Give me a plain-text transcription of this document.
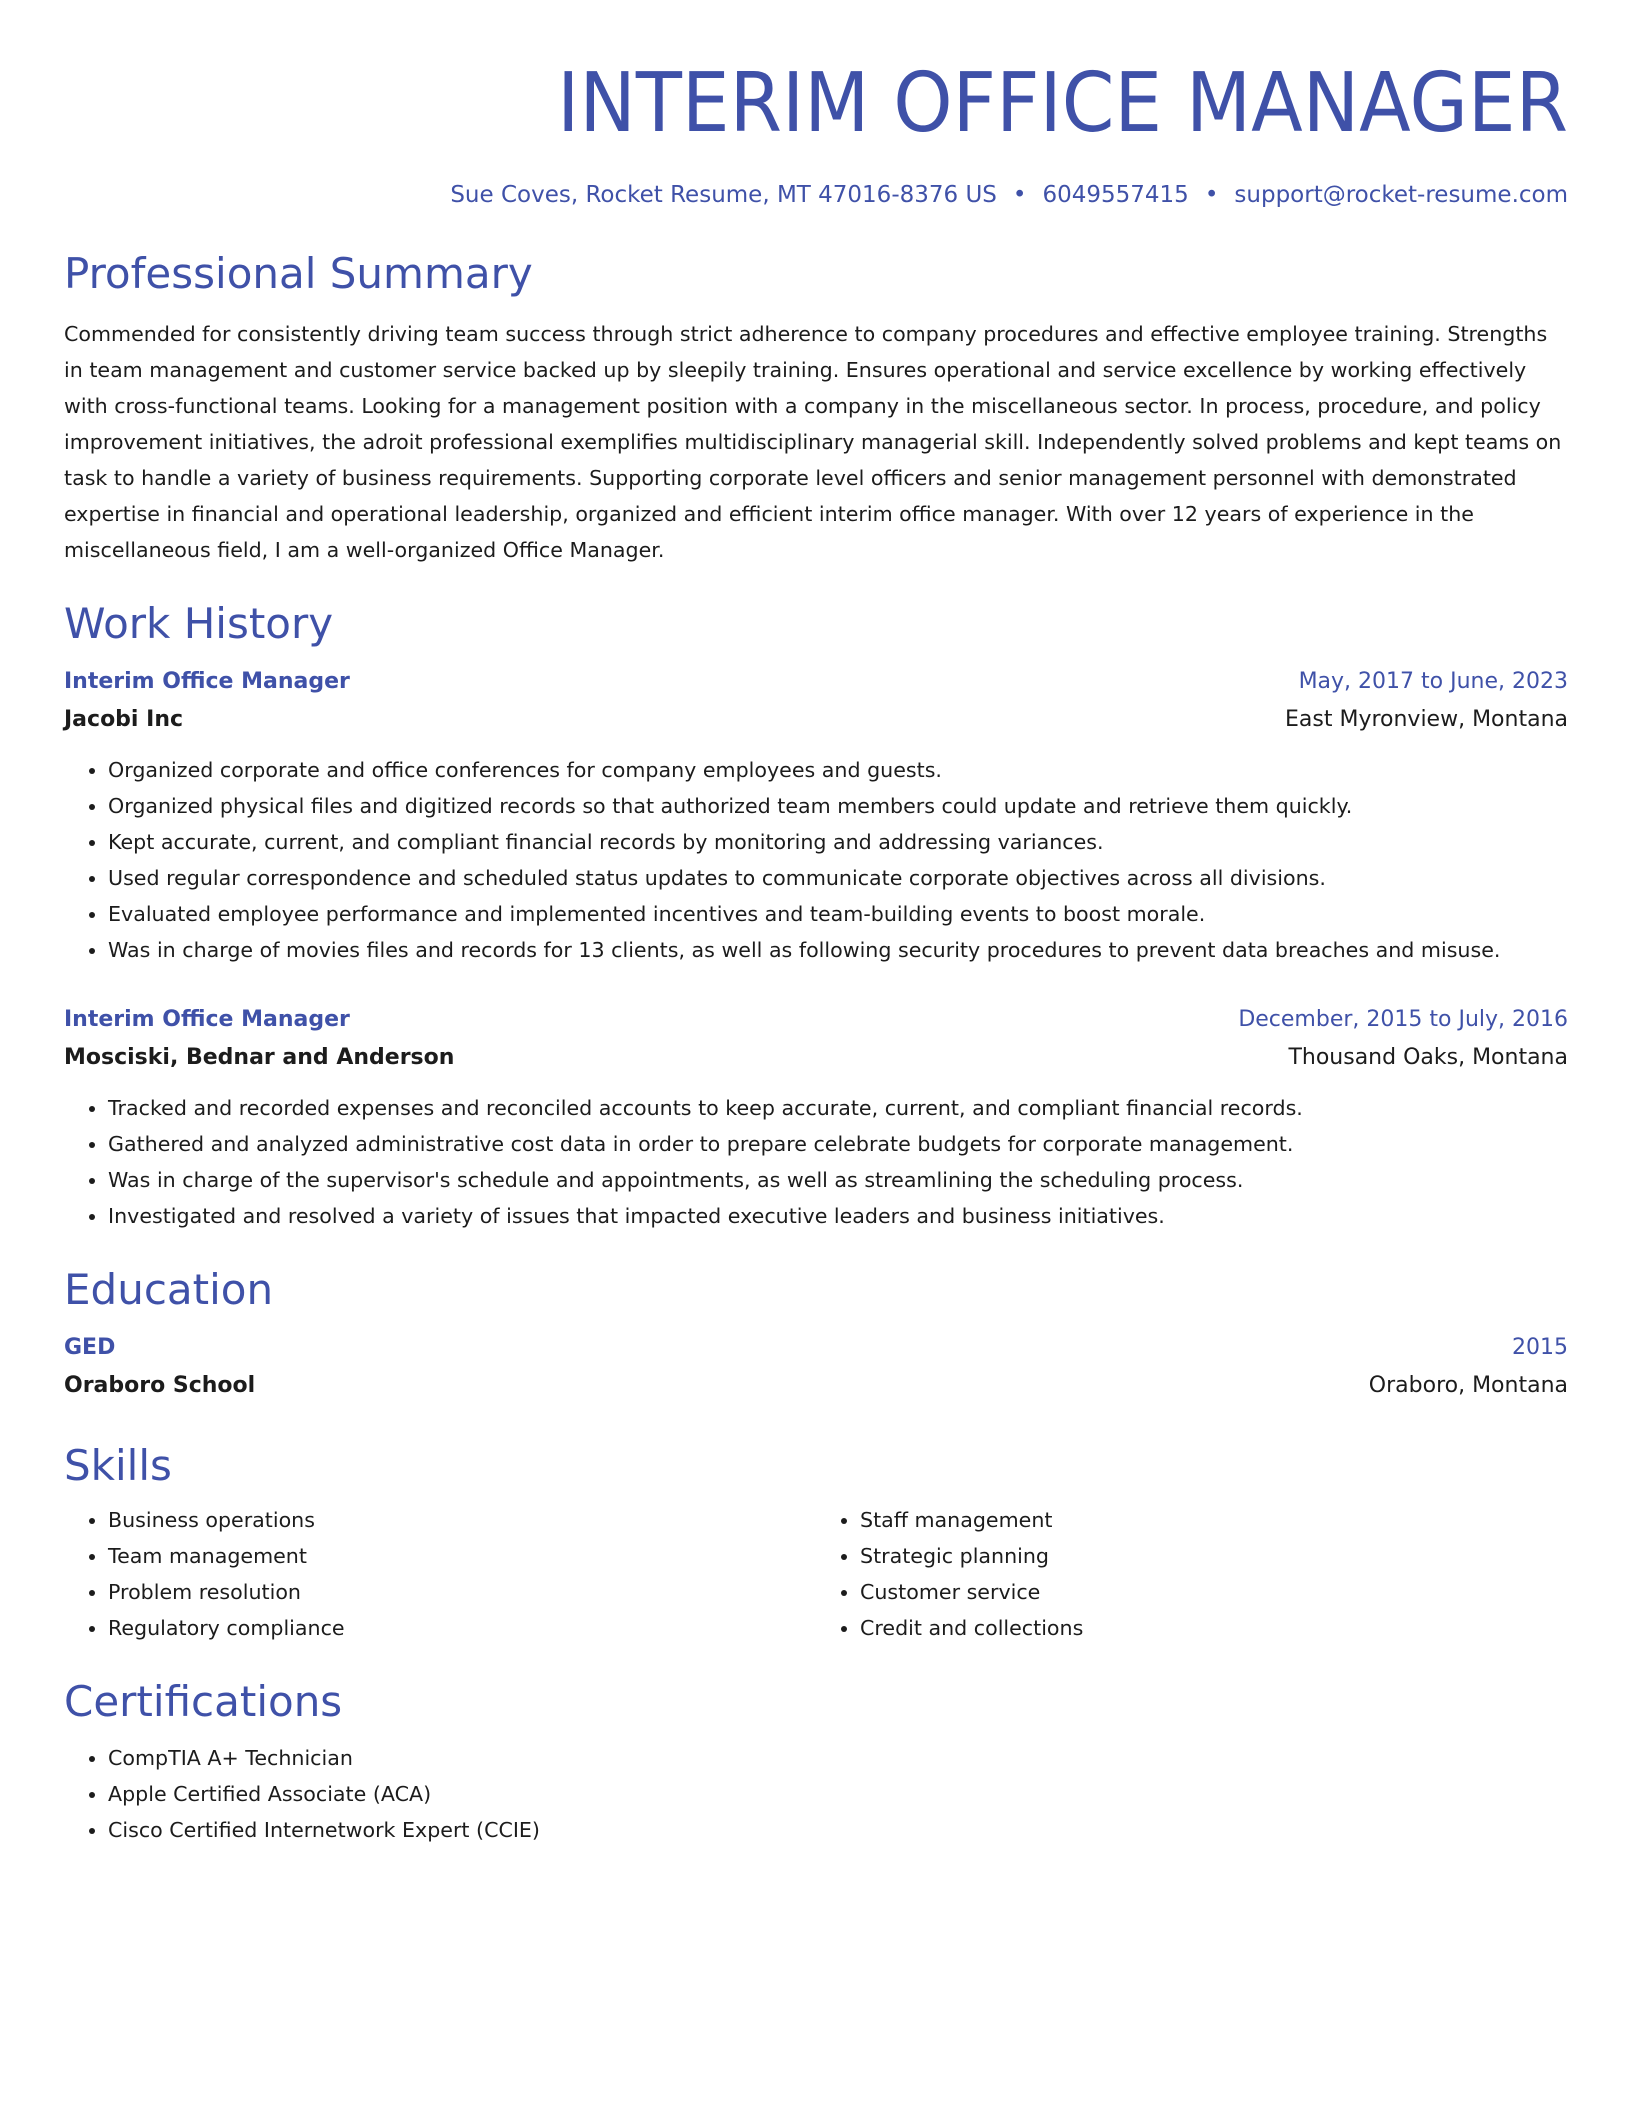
INTERIM OFFICE MANAGER
Sue Coves, Rocket Resume, MT 47016-8376 US • 6049557415 • support@rocket-resume.com
Professional Summary
Commended for consistently driving team success through strict adherence to company procedures and effective employee training. Strengths in team management and customer service backed up by sleepily training. Ensures operational and service excellence by working effectively with cross-functional teams. Looking for a management position with a company in the miscellaneous sector. In process, procedure, and policy improvement initiatives, the adroit professional exemplifies multidisciplinary managerial skill. Independently solved problems and kept teams on task to handle a variety of business requirements. Supporting corporate level officers and senior management personnel with demonstrated expertise in financial and operational leadership, organized and efficient interim office manager. With over 12 years of experience in the miscellaneous field, I am a well-organized Office Manager.
Work History
Interim Office Manager	May, 2017 to June, 2023
Jacobi Inc	East Myronview, Montana
• Organized corporate and office conferences for company employees and guests.
• Organized physical files and digitized records so that authorized team members could update and retrieve them quickly.
• Kept accurate, current, and compliant financial records by monitoring and addressing variances.
• Used regular correspondence and scheduled status updates to communicate corporate objectives across all divisions.
• Evaluated employee performance and implemented incentives and team-building events to boost morale.
• Was in charge of movies files and records for 13 clients, as well as following security procedures to prevent data breaches and misuse.
Interim Office Manager	December, 2015 to July, 2016
Mosciski, Bednar and Anderson	Thousand Oaks, Montana
• Tracked and recorded expenses and reconciled accounts to keep accurate, current, and compliant financial records.
• Gathered and analyzed administrative cost data in order to prepare celebrate budgets for corporate management.
• Was in charge of the supervisor's schedule and appointments, as well as streamlining the scheduling process.
• Investigated and resolved a variety of issues that impacted executive leaders and business initiatives.
Education
GED	2015
Oraboro School	Oraboro, Montana
Skills
• Business operations
• Team management
• Problem resolution
• Regulatory compliance
• Staff management
• Strategic planning
• Customer service
• Credit and collections
Certifications
• CompTIA A+ Technician
• Apple Certified Associate (ACA)
• Cisco Certified Internetwork Expert (CCIE)
